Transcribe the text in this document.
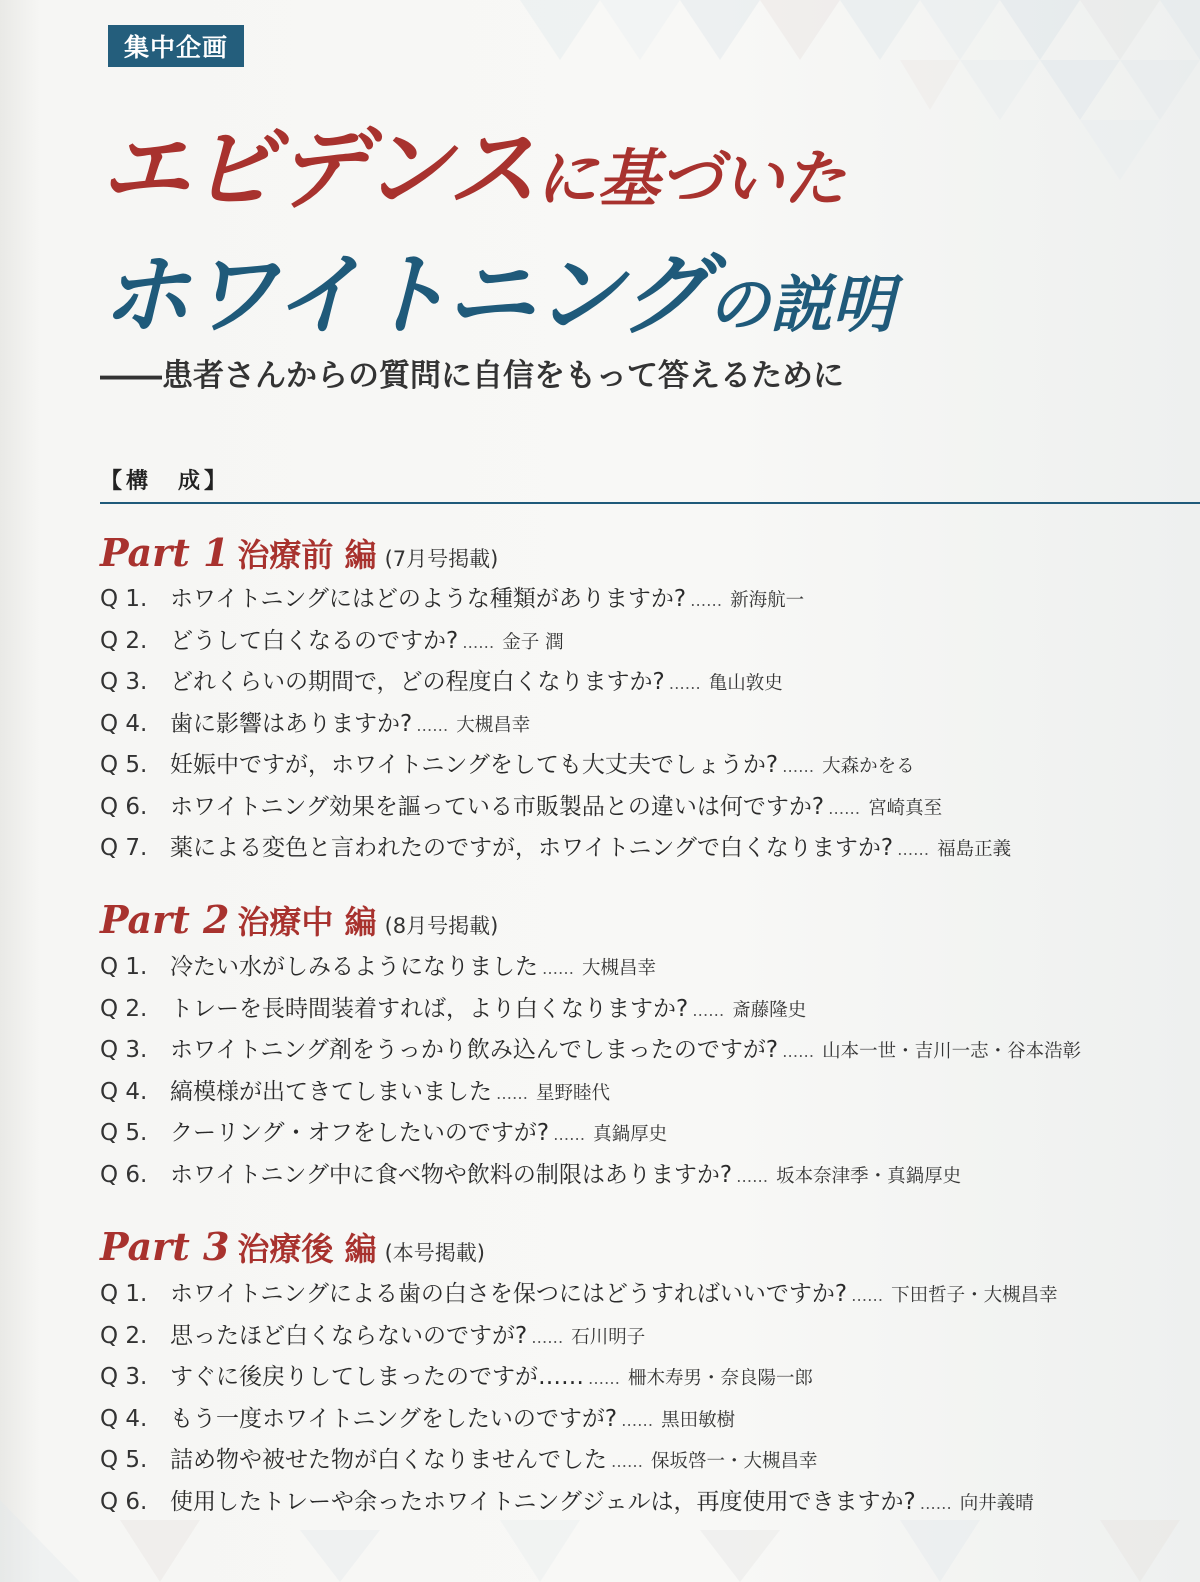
集中企画
エビデンスに基づいた
ホワイトニングの説明
――患者さんからの質問に自信をもって答えるために
【構　成】
Part 1 治療前 編 (7月号掲載)
Q 1. ホワイトニングにはどのような種類がありますか? …… 新海航一
Q 2. どうして白くなるのですか? …… 金子 潤
Q 3. どれくらいの期間で，どの程度白くなりますか? …… 亀山敦史
Q 4. 歯に影響はありますか? …… 大槻昌幸
Q 5. 妊娠中ですが，ホワイトニングをしても大丈夫でしょうか? …… 大森かをる
Q 6. ホワイトニング効果を謳っている市販製品との違いは何ですか? …… 宮崎真至
Q 7. 薬による変色と言われたのですが，ホワイトニングで白くなりますか? …… 福島正義
Part 2 治療中 編 (8月号掲載)
Q 1. 冷たい水がしみるようになりました …… 大槻昌幸
Q 2. トレーを長時間装着すれば，より白くなりますか? …… 斎藤隆史
Q 3. ホワイトニング剤をうっかり飲み込んでしまったのですが? …… 山本一世・吉川一志・谷本浩彰
Q 4. 縞模様が出てきてしまいました …… 星野睦代
Q 5. クーリング・オフをしたいのですが? …… 真鍋厚史
Q 6. ホワイトニング中に食べ物や飲料の制限はありますか? …… 坂本奈津季・真鍋厚史
Part 3 治療後 編 (本号掲載)
Q 1. ホワイトニングによる歯の白さを保つにはどうすればいいですか? …… 下田哲子・大槻昌幸
Q 2. 思ったほど白くならないのですが? …… 石川明子
Q 3. すぐに後戻りしてしまったのですが…… …… 柵木寿男・奈良陽一郎
Q 4. もう一度ホワイトニングをしたいのですが? …… 黒田敏樹
Q 5. 詰め物や被せた物が白くなりませんでした …… 保坂啓一・大槻昌幸
Q 6. 使用したトレーや余ったホワイトニングジェルは，再度使用できますか? …… 向井義晴
